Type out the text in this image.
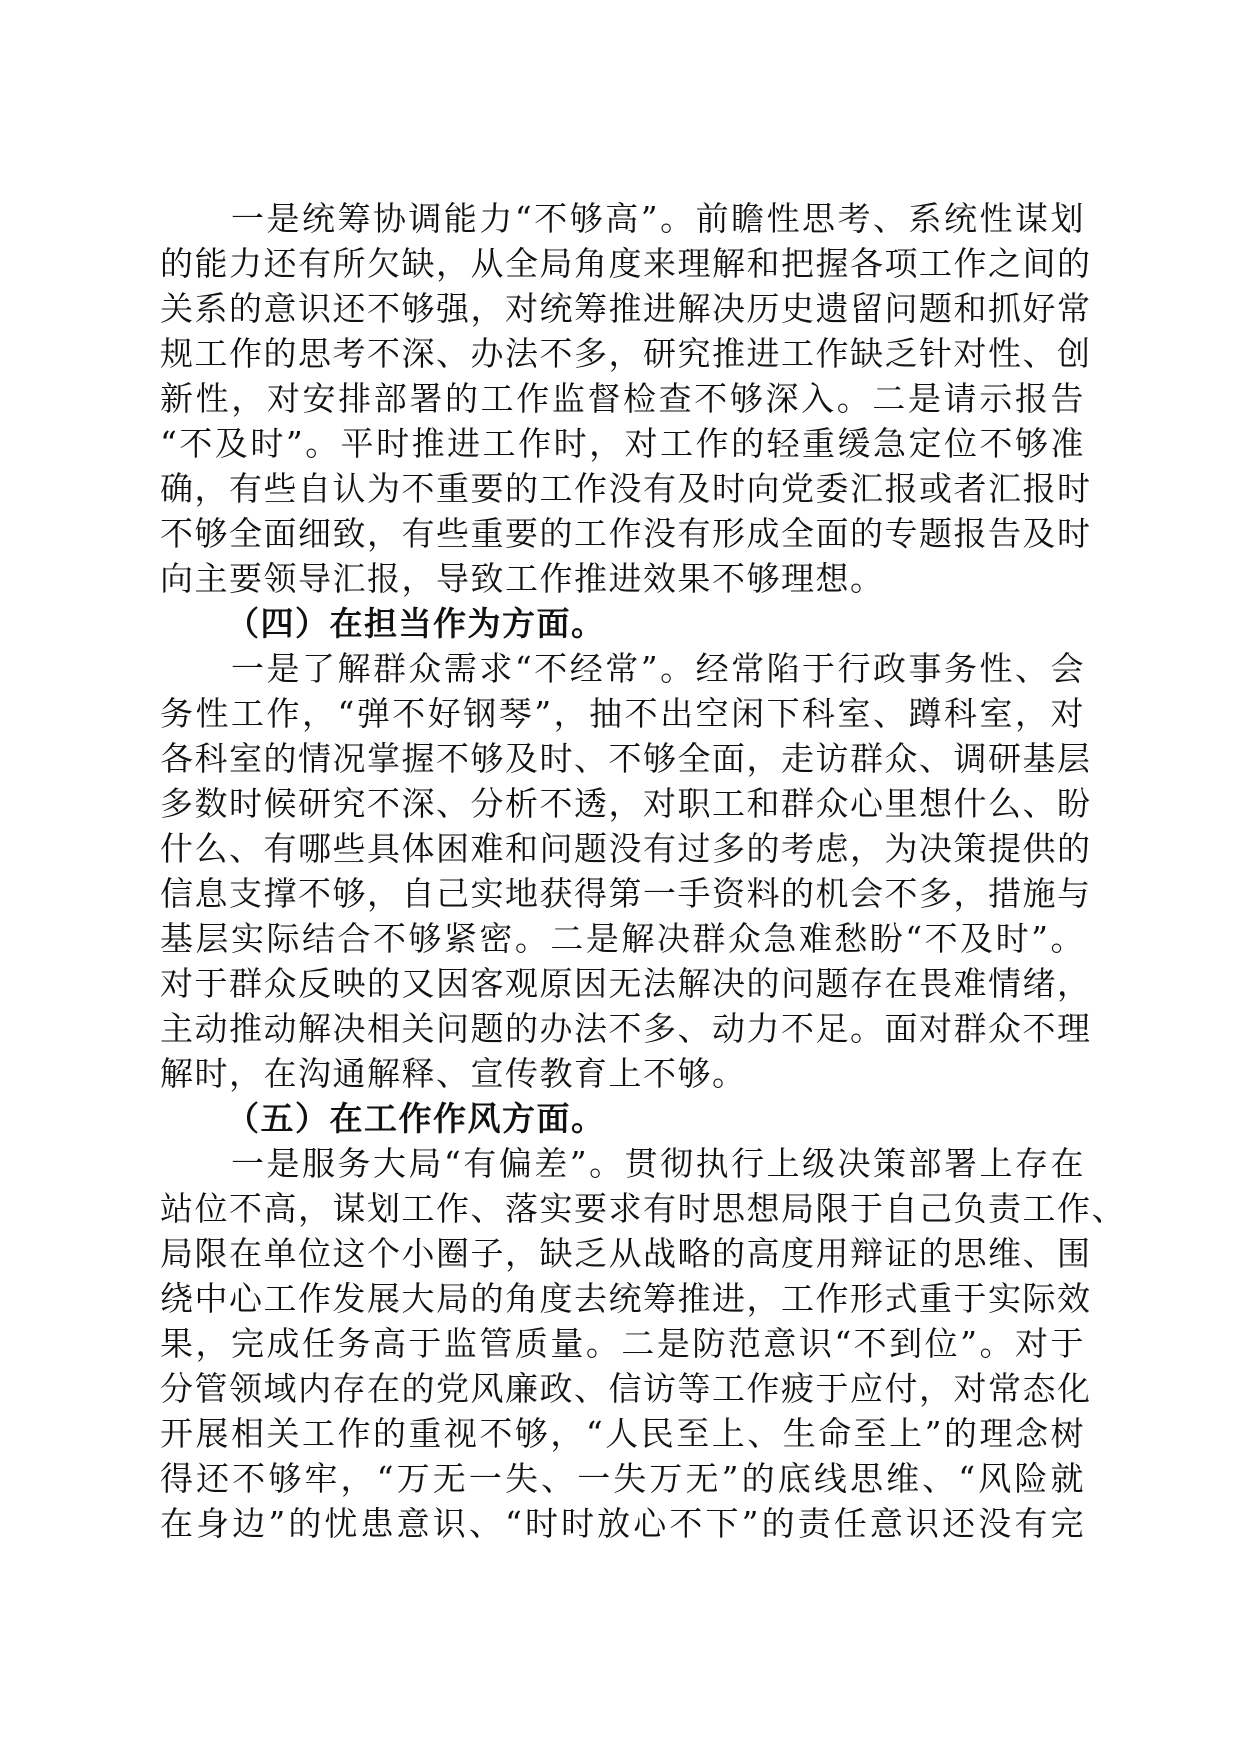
　　一是统筹协调能力“不够高”。前瞻性思考、系统性谋划
的能力还有所欠缺，从全局角度来理解和把握各项工作之间的
关系的意识还不够强，对统筹推进解决历史遗留问题和抓好常
规工作的思考不深、办法不多，研究推进工作缺乏针对性、创
新性，对安排部署的工作监督检查不够深入。二是请示报告
“不及时”。平时推进工作时，对工作的轻重缓急定位不够准
确，有些自认为不重要的工作没有及时向党委汇报或者汇报时
不够全面细致，有些重要的工作没有形成全面的专题报告及时
向主要领导汇报，导致工作推进效果不够理想。
（四）在担当作为方面。
　　一是了解群众需求“不经常”。经常陷于行政事务性、会
务性工作，“弹不好钢琴”，抽不出空闲下科室、蹲科室，对
各科室的情况掌握不够及时、不够全面，走访群众、调研基层
多数时候研究不深、分析不透，对职工和群众心里想什么、盼
什么、有哪些具体困难和问题没有过多的考虑，为决策提供的
信息支撑不够，自己实地获得第一手资料的机会不多，措施与
基层实际结合不够紧密。二是解决群众急难愁盼“不及时”。
对于群众反映的又因客观原因无法解决的问题存在畏难情绪，
主动推动解决相关问题的办法不多、动力不足。面对群众不理
解时，在沟通解释、宣传教育上不够。
（五）在工作作风方面。
　　一是服务大局“有偏差”。贯彻执行上级决策部署上存在
站位不高，谋划工作、落实要求有时思想局限于自己负责工作、
局限在单位这个小圈子，缺乏从战略的高度用辩证的思维、围
绕中心工作发展大局的角度去统筹推进，工作形式重于实际效
果，完成任务高于监管质量。二是防范意识“不到位”。对于
分管领域内存在的党风廉政、信访等工作疲于应付，对常态化
开展相关工作的重视不够，“人民至上、生命至上”的理念树
得还不够牢，“万无一失、一失万无”的底线思维、“风险就
在身边”的忧患意识、“时时放心不下”的责任意识还没有完
